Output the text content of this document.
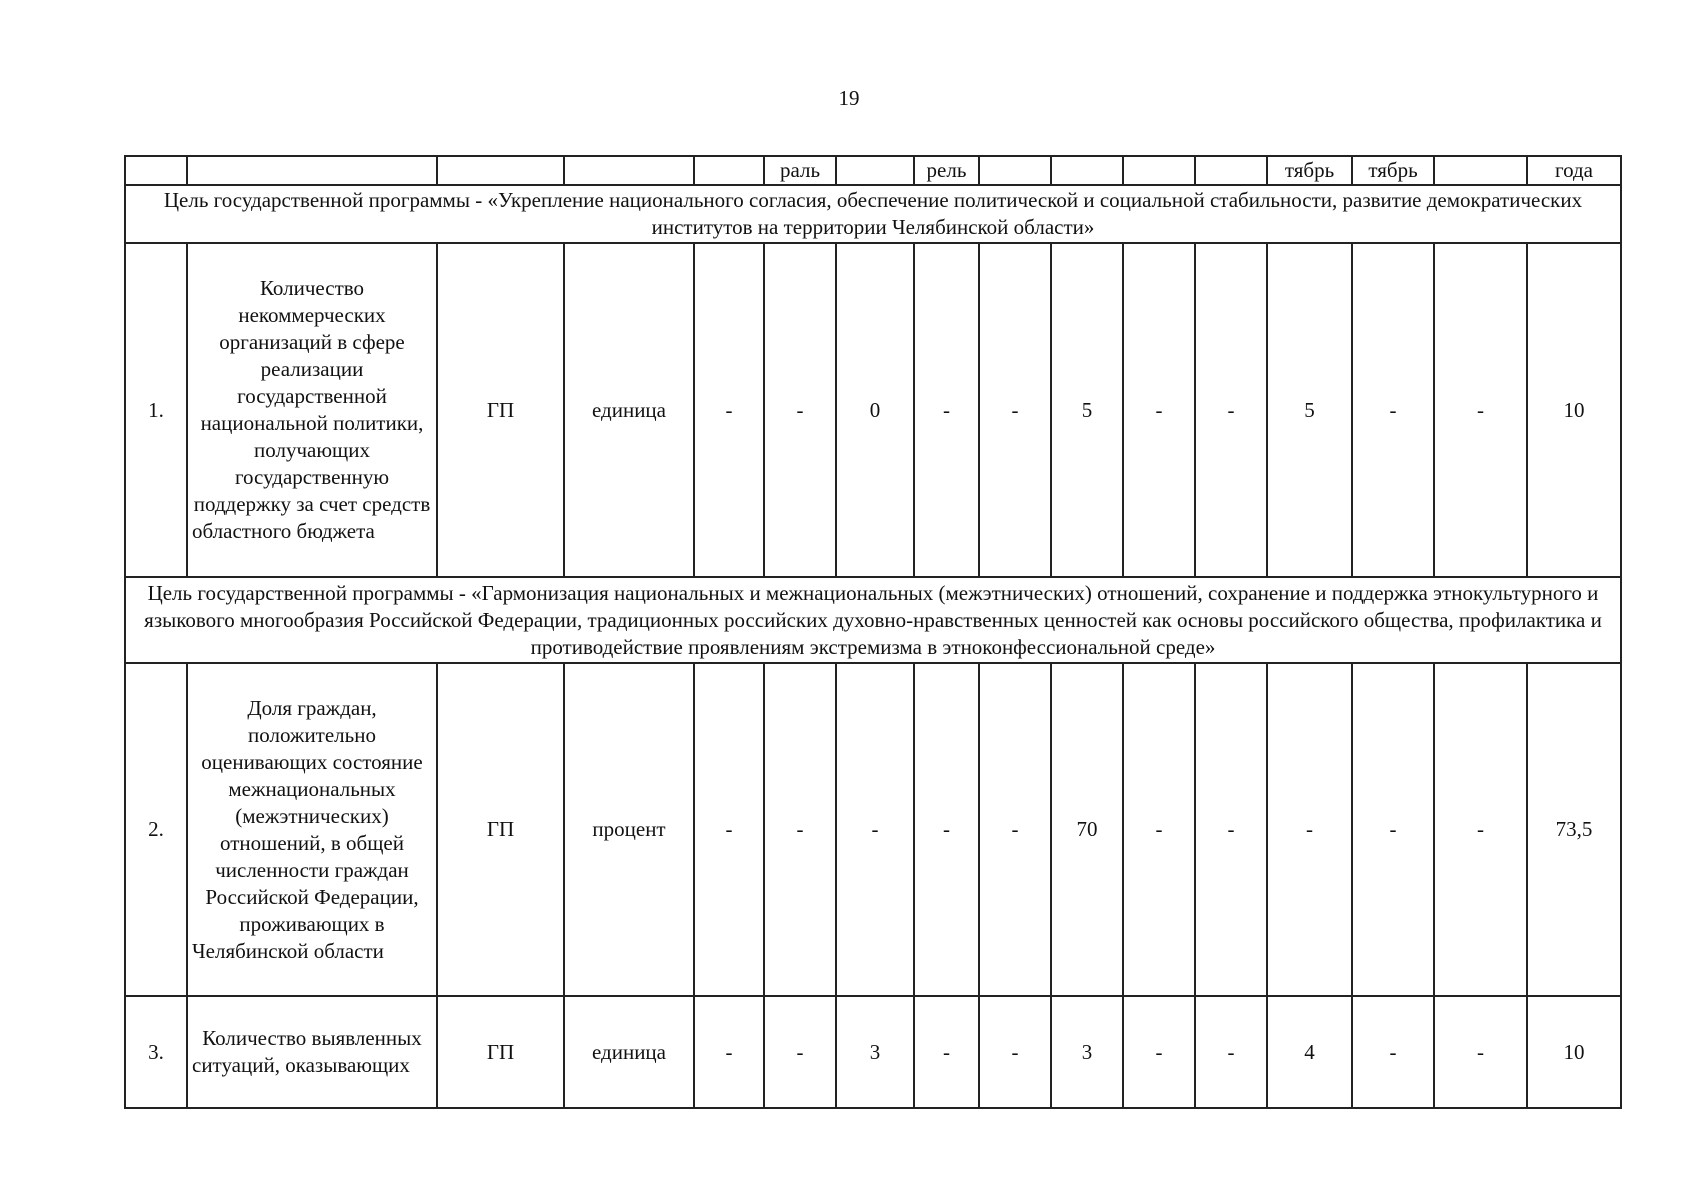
19
					раль		рель					тябрь	тябрь		года
Цель государственной программы - «Укрепление национального согласия, обеспечение политической и социальной стабильности, развитие демократических институтов на территории Челябинской области»															
1.	Количество некоммерческих организаций в сфере реализации государственной национальной политики, получающих государственную поддержку за счет средств областного бюджета	ГП	единица	-	-	0	-	-	5	-	-	5	-	-	10
Цель государственной программы - «Гармонизация национальных и межнациональных (межэтнических) отношений, сохранение и поддержка этнокультурного и языкового многообразия Российской Федерации, традиционных российских духовно-нравственных ценностей как основы российского общества, профилактика и противодействие проявлениям экстремизма в этноконфессиональной среде»															
2.	Доля граждан, положительно оценивающих состояние межнациональных (межэтнических) отношений, в общей численности граждан Российской Федерации, проживающих в Челябинской области	ГП	процент	-	-	-	-	-	70	-	-	-	-	-	73,5
3.	Количество выявленных ситуаций, оказывающих	ГП	единица	-	-	3	-	-	3	-	-	4	-	-	10
